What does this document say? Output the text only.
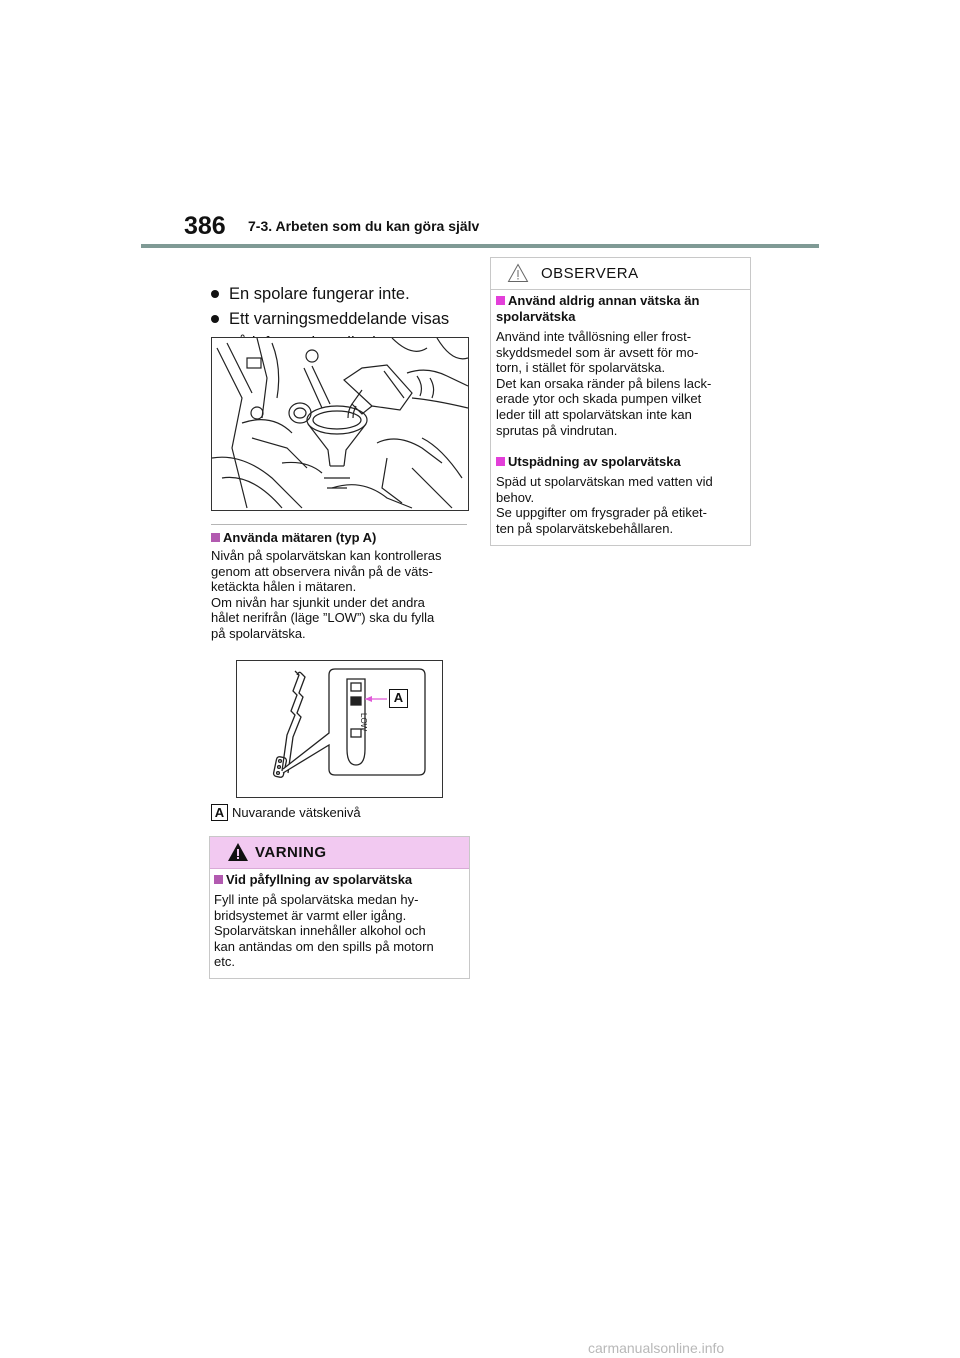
386 7-3. Arbeten som du kan göra själv
En spolare fungerar inte.
Ett varningsmeddelande visas
Använda mätaren (typ A)
Nivån på spolarvätskan kan kontrolleras
genom att observera nivån på de väts-
ketäckta hålen i mätaren.
Om nivån har sjunkit under det andra
hålet nerifrån (läge ”LOW”) ska du fylla
på spolarvätska.
LOW
A
A Nuvarande vätskenivå
VARNING
Vid påfyllning av spolarvätska
Fyll inte på spolarvätska medan hy-
bridsystemet är varmt eller igång.
Spolarvätskan innehåller alkohol och
kan antändas om den spills på motorn
etc.
OBSERVERA
Använd aldrig annan vätska än spolarvätska
Använd inte tvållösning eller frost-
skyddsmedel som är avsett för mo-
torn, i stället för spolarvätska.
Det kan orsaka ränder på bilens lack-
erade ytor och skada pumpen vilket
leder till att spolarvätskan inte kan
sprutas på vindrutan.
Utspädning av spolarvätska
Späd ut spolarvätskan med vatten vid
behov.
Se uppgifter om frysgrader på etiket-
ten på spolarvätskebehållaren.
carmanualsonline.info
